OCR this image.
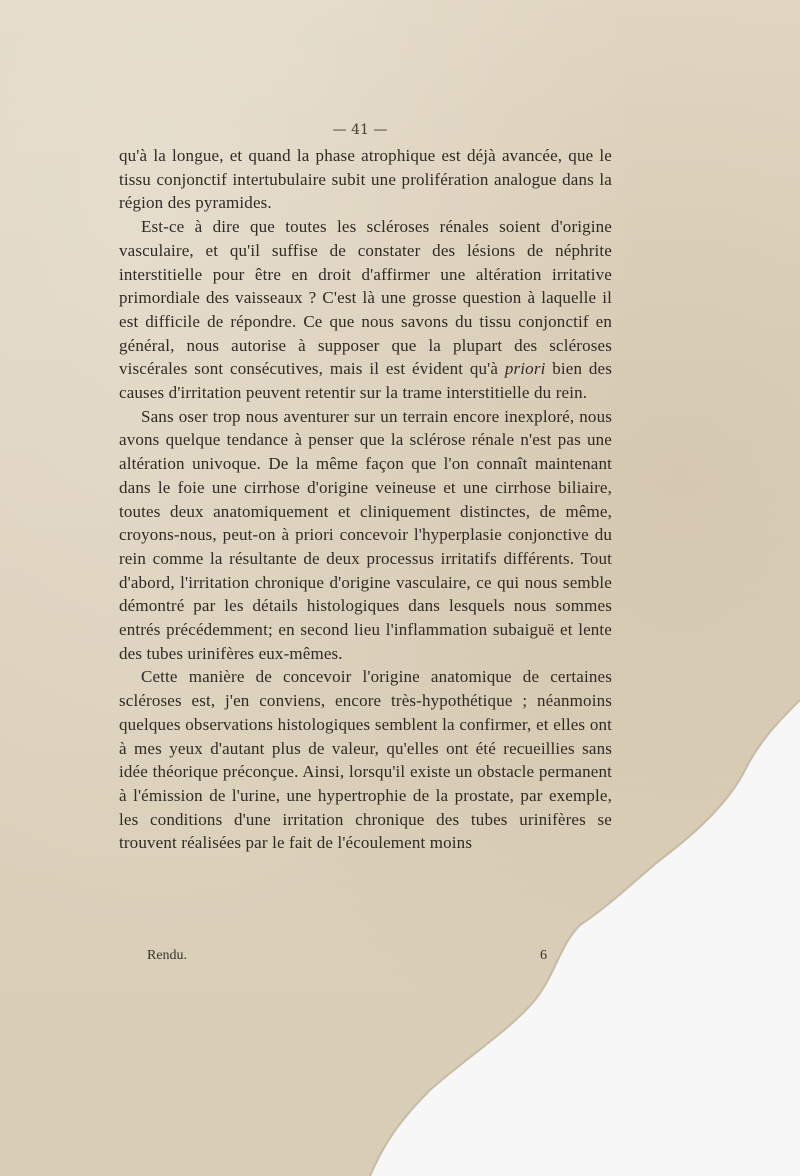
— 41 —

qu'à la longue, et quand la phase atrophique est déjà avancée, que le tissu conjonctif intertubulaire subit une prolifération analogue dans la région des pyramides.

Est-ce à dire que toutes les scléroses rénales soient d'origine vasculaire, et qu'il suffise de constater des lésions de néphrite interstitielle pour être en droit d'affirmer une altération irritative primordiale des vaisseaux ? C'est là une grosse question à laquelle il est difficile de répondre. Ce que nous savons du tissu conjonctif en général, nous autorise à supposer que la plupart des scléroses viscérales sont consécutives, mais il est évident qu'à priori bien des causes d'irritation peuvent retentir sur la trame interstitielle du rein.

Sans oser trop nous aventurer sur un terrain encore inexploré, nous avons quelque tendance à penser que la sclérose rénale n'est pas une altération univoque. De la même façon que l'on connaît maintenant dans le foie une cirrhose d'origine veineuse et une cirrhose biliaire, toutes deux anatomiquement et cliniquement distinctes, de même, croyons-nous, peut-on à priori concevoir l'hyperplasie conjonctive du rein comme la résultante de deux processus irritatifs différents. Tout d'abord, l'irritation chronique d'origine vasculaire, ce qui nous semble démontré par les détails histologiques dans lesquels nous sommes entrés précédemment; en second lieu l'inflammation subaiguë et lente des tubes urinifères eux-mêmes.

Cette manière de concevoir l'origine anatomique de certaines scléroses est, j'en conviens, encore très-hypothétique ; néanmoins quelques observations histologiques semblent la confirmer, et elles ont à mes yeux d'autant plus de valeur, qu'elles ont été recueillies sans idée théorique préconçue. Ainsi, lorsqu'il existe un obstacle permanent à l'émission de l'urine, une hypertrophie de la prostate, par exemple, les conditions d'une irritation chronique des tubes urinifères se trouvent réalisées par le fait de l'écoulement moins

Rendu.	6
